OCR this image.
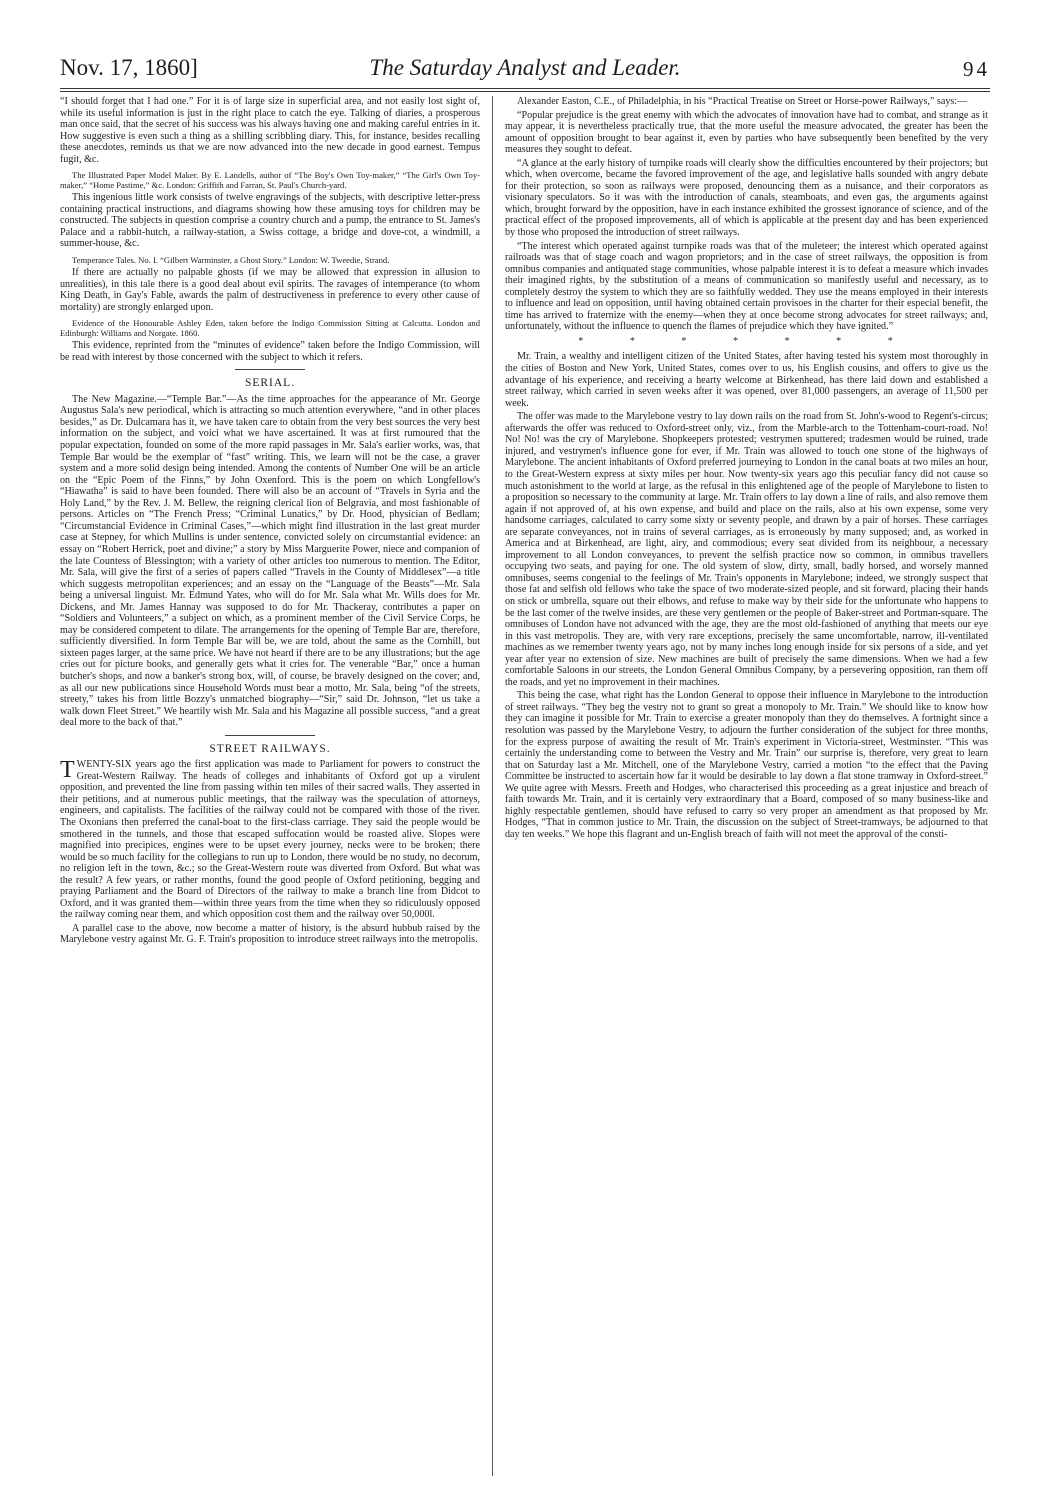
Nov. 17, 1860]	The Saturday Analyst and Leader.	94

“I should forget that I had one.” For it is of large size in superficial area, and not easily lost sight of, while its useful information is just in the right place to catch the eye. Talking of diaries, a prosperous man once said, that the secret of his success was his always having one and making careful entries in it. How suggestive is even such a thing as a shilling scribbling diary. This, for instance, besides recalling these anecdotes, reminds us that we are now advanced into the new decade in good earnest. Tempus fugit, &c.

The Illustrated Paper Model Maker. By E. Landells, author of “The Boy's Own Toy-maker,” “The Girl's Own Toy-maker,” “Home Pastime,” &c. London: Griffith and Farran, St. Paul's Church-yard.

This ingenious little work consists of twelve engravings of the subjects, with descriptive letter-press containing practical instructions, and diagrams showing how these amusing toys for children may be constructed. The subjects in question comprise a country church and a pump, the entrance to St. James's Palace and a rabbit-hutch, a railway-station, a Swiss cottage, a bridge and dove-cot, a windmill, a summer-house, &c.

Temperance Tales. No. I. “Gilbert Warminster, a Ghost Story.” London: W. Tweedie, Strand.

If there are actually no palpable ghosts (if we may be allowed that expression in allusion to unrealities), in this tale there is a good deal about evil spirits. The ravages of intemperance (to whom King Death, in Gay's Fable, awards the palm of destructiveness in preference to every other cause of mortality) are strongly enlarged upon.

Evidence of the Honourable Ashley Eden, taken before the Indigo Commission Sitting at Calcutta. London and Edinburgh: Williams and Norgate. 1860.

This evidence, reprinted from the “minutes of evidence” taken before the Indigo Commission, will be read with interest by those concerned with the subject to which it refers.

SERIAL.

The New Magazine.—“Temple Bar.”—As the time approaches for the appearance of Mr. George Augustus Sala's new periodical, which is attracting so much attention everywhere, “and in other places besides,” as Dr. Dulcamara has it, we have taken care to obtain from the very best sources the very best information on the subject, and voici what we have ascertained. It was at first rumoured that the popular expectation, founded on some of the more rapid passages in Mr. Sala's earlier works, was, that Temple Bar would be the exemplar of “fast” writing. This, we learn will not be the case, a graver system and a more solid design being intended. Among the contents of Number One will be an article on the “Epic Poem of the Finns,” by John Oxenford. This is the poem on which Longfellow's “Hiawatha” is said to have been founded. There will also be an account of “Travels in Syria and the Holy Land,” by the Rev. J. M. Bellew, the reigning clerical lion of Belgravia, and most fashionable of persons. Articles on “The French Press; “Criminal Lunatics,” by Dr. Hood, physician of Bedlam; “Circumstancial Evidence in Criminal Cases,”—which might find illustration in the last great murder case at Stepney, for which Mullins is under sentence, convicted solely on circumstantial evidence: an essay on “Robert Herrick, poet and divine;” a story by Miss Marguerite Power, niece and companion of the late Countess of Blessington; with a variety of other articles too numerous to mention. The Editor, Mr. Sala, will give the first of a series of papers called “Travels in the County of Middlesex”—a title which suggests metropolitan experiences; and an essay on the “Language of the Beasts”—Mr. Sala being a universal linguist. Mr. Edmund Yates, who will do for Mr. Sala what Mr. Wills does for Mr. Dickens, and Mr. James Hannay was supposed to do for Mr. Thackeray, contributes a paper on “Soldiers and Volunteers,” a subject on which, as a prominent member of the Civil Service Corps, he may be considered competent to dilate. The arrangements for the opening of Temple Bar are, therefore, sufficiently diversified. In form Temple Bar will be, we are told, about the same as the Cornhill, but sixteen pages larger, at the same price. We have not heard if there are to be any illustrations; but the age cries out for picture books, and generally gets what it cries for. The venerable “Bar,” once a human butcher's shops, and now a banker's strong box, will, of course, be bravely designed on the cover; and, as all our new publications since Household Words must bear a motto, Mr. Sala, being “of the streets, streety,” takes his from little Bozzy's unmatched biography—“Sir,” said Dr. Johnson, “let us take a walk down Fleet Street.” We heartily wish Mr. Sala and his Magazine all possible success, “and a great deal more to the back of that.”

STREET RAILWAYS.

TWENTY-SIX years ago the first application was made to Parliament for powers to construct the Great-Western Railway. The heads of colleges and inhabitants of Oxford got up a virulent opposition, and prevented the line from passing within ten miles of their sacred walls. They asserted in their petitions, and at numerous public meetings, that the railway was the speculation of attorneys, engineers, and capitalists. The facilities of the railway could not be compared with those of the river. The Oxonians then preferred the canal-boat to the first-class carriage. They said the people would be smothered in the tunnels, and those that escaped suffocation would be roasted alive. Slopes were magnified into precipices, engines were to be upset every journey, necks were to be broken; there would be so much facility for the collegians to run up to London, there would be no study, no decorum, no religion left in the town, &c.; so the Great-Western route was diverted from Oxford. But what was the result? A few years, or rather months, found the good people of Oxford petitioning, begging and praying Parliament and the Board of Directors of the railway to make a branch line from Didcot to Oxford, and it was granted them—within three years from the time when they so ridiculously opposed the railway coming near them, and which opposition cost them and the railway over 50,000l.

A parallel case to the above, now become a matter of history, is the absurd hubbub raised by the Marylebone vestry against Mr. G. F. Train's proposition to introduce street railways into the metropolis.

Alexander Easton, C.E., of Philadelphia, in his “Practical Treatise on Street or Horse-power Railways,” says:—

“Popular prejudice is the great enemy with which the advocates of innovation have had to combat, and strange as it may appear, it is nevertheless practically true, that the more useful the measure advocated, the greater has been the amount of opposition brought to bear against it, even by parties who have subsequently been benefited by the very measures they sought to defeat.

“A glance at the early history of turnpike roads will clearly show the difficulties encountered by their projectors; but which, when overcome, became the favored improvement of the age, and legislative halls sounded with angry debate for their protection, so soon as railways were proposed, denouncing them as a nuisance, and their corporators as visionary speculators. So it was with the introduction of canals, steamboats, and even gas, the arguments against which, brought forward by the opposition, have in each instance exhibited the grossest ignorance of science, and of the practical effect of the proposed improvements, all of which is applicable at the present day and has been experienced by those who proposed the introduction of street railways.

“The interest which operated against turnpike roads was that of the muleteer; the interest which operated against railroads was that of stage coach and wagon proprietors; and in the case of street railways, the opposition is from omnibus companies and antiquated stage communities, whose palpable interest it is to defeat a measure which invades their imagined rights, by the substitution of a means of communication so manifestly useful and necessary, as to completely destroy the system to which they are so faithfully wedded. They use the means employed in their interests to influence and lead on opposition, until having obtained certain provisoes in the charter for their especial benefit, the time has arrived to fraternize with the enemy—when they at once become strong advocates for street railways; and, unfortunately, without the influence to quench the flames of prejudice which they have ignited.”

* * * * * * *

Mr. Train, a wealthy and intelligent citizen of the United States, after having tested his system most thoroughly in the cities of Boston and New York, United States, comes over to us, his English cousins, and offers to give us the advantage of his experience, and receiving a hearty welcome at Birkenhead, has there laid down and established a street railway, which carried in seven weeks after it was opened, over 81,000 passengers, an average of 11,500 per week.

The offer was made to the Marylebone vestry to lay down rails on the road from St. John's-wood to Regent's-circus; afterwards the offer was reduced to Oxford-street only, viz., from the Marble-arch to the Tottenham-court-road. No! No! No! was the cry of Marylebone. Shopkeepers protested; vestrymen sputtered; tradesmen would be ruined, trade injured, and vestrymen's influence gone for ever, if Mr. Train was allowed to touch one stone of the highways of Marylebone. The ancient inhabitants of Oxford preferred journeying to London in the canal boats at two miles an hour, to the Great-Western express at sixty miles per hour. Now twenty-six years ago this peculiar fancy did not cause so much astonishment to the world at large, as the refusal in this enlightened age of the people of Marylebone to listen to a proposition so necessary to the community at large. Mr. Train offers to lay down a line of rails, and also remove them again if not approved of, at his own expense, and build and place on the rails, also at his own expense, some very handsome carriages, calculated to carry some sixty or seventy people, and drawn by a pair of horses. These carriages are separate conveyances, not in trains of several carriages, as is erroneously by many supposed; and, as worked in America and at Birkenhead, are light, airy, and commodious; every seat divided from its neighbour, a necessary improvement to all London conveyances, to prevent the selfish practice now so common, in omnibus travellers occupying two seats, and paying for one. The old system of slow, dirty, small, badly horsed, and worsely manned omnibuses, seems congenial to the feelings of Mr. Train's opponents in Marylebone; indeed, we strongly suspect that those fat and selfish old fellows who take the space of two moderate-sized people, and sit forward, placing their hands on stick or umbrella, square out their elbows, and refuse to make way by their side for the unfortunate who happens to be the last comer of the twelve insides, are these very gentlemen or the people of Baker-street and Portman-square. The omnibuses of London have not advanced with the age, they are the most old-fashioned of anything that meets our eye in this vast metropolis. They are, with very rare exceptions, precisely the same uncomfortable, narrow, ill-ventilated machines as we remember twenty years ago, not by many inches long enough inside for six persons of a side, and yet year after year no extension of size. New machines are built of precisely the same dimensions. When we had a few comfortable Saloons in our streets, the London General Omnibus Company, by a persevering opposition, ran them off the roads, and yet no improvement in their machines.

This being the case, what right has the London General to oppose their influence in Marylebone to the introduction of street railways. “They beg the vestry not to grant so great a monopoly to Mr. Train.” We should like to know how they can imagine it possible for Mr. Train to exercise a greater monopoly than they do themselves. A fortnight since a resolution was passed by the Marylebone Vestry, to adjourn the further consideration of the subject for three months, for the express purpose of awaiting the result of Mr. Train's experiment in Victoria-street, Westminster. “This was certainly the understanding come to between the Vestry and Mr. Train” our surprise is, therefore, very great to learn that on Saturday last a Mr. Mitchell, one of the Marylebone Vestry, carried a motion “to the effect that the Paving Committee be instructed to ascertain how far it would be desirable to lay down a flat stone tramway in Oxford-street.” We quite agree with Messrs. Freeth and Hodges, who characterised this proceeding as a great injustice and breach of faith towards Mr. Train, and it is certainly very extraordinary that a Board, composed of so many business-like and highly respectable gentlemen, should have refused to carry so very proper an amendment as that proposed by Mr. Hodges, “That in common justice to Mr. Train, the discussion on the subject of Street-tramways, be adjourned to that day ten weeks.” We hope this flagrant and un-English breach of faith will not meet the approval of the consti-
